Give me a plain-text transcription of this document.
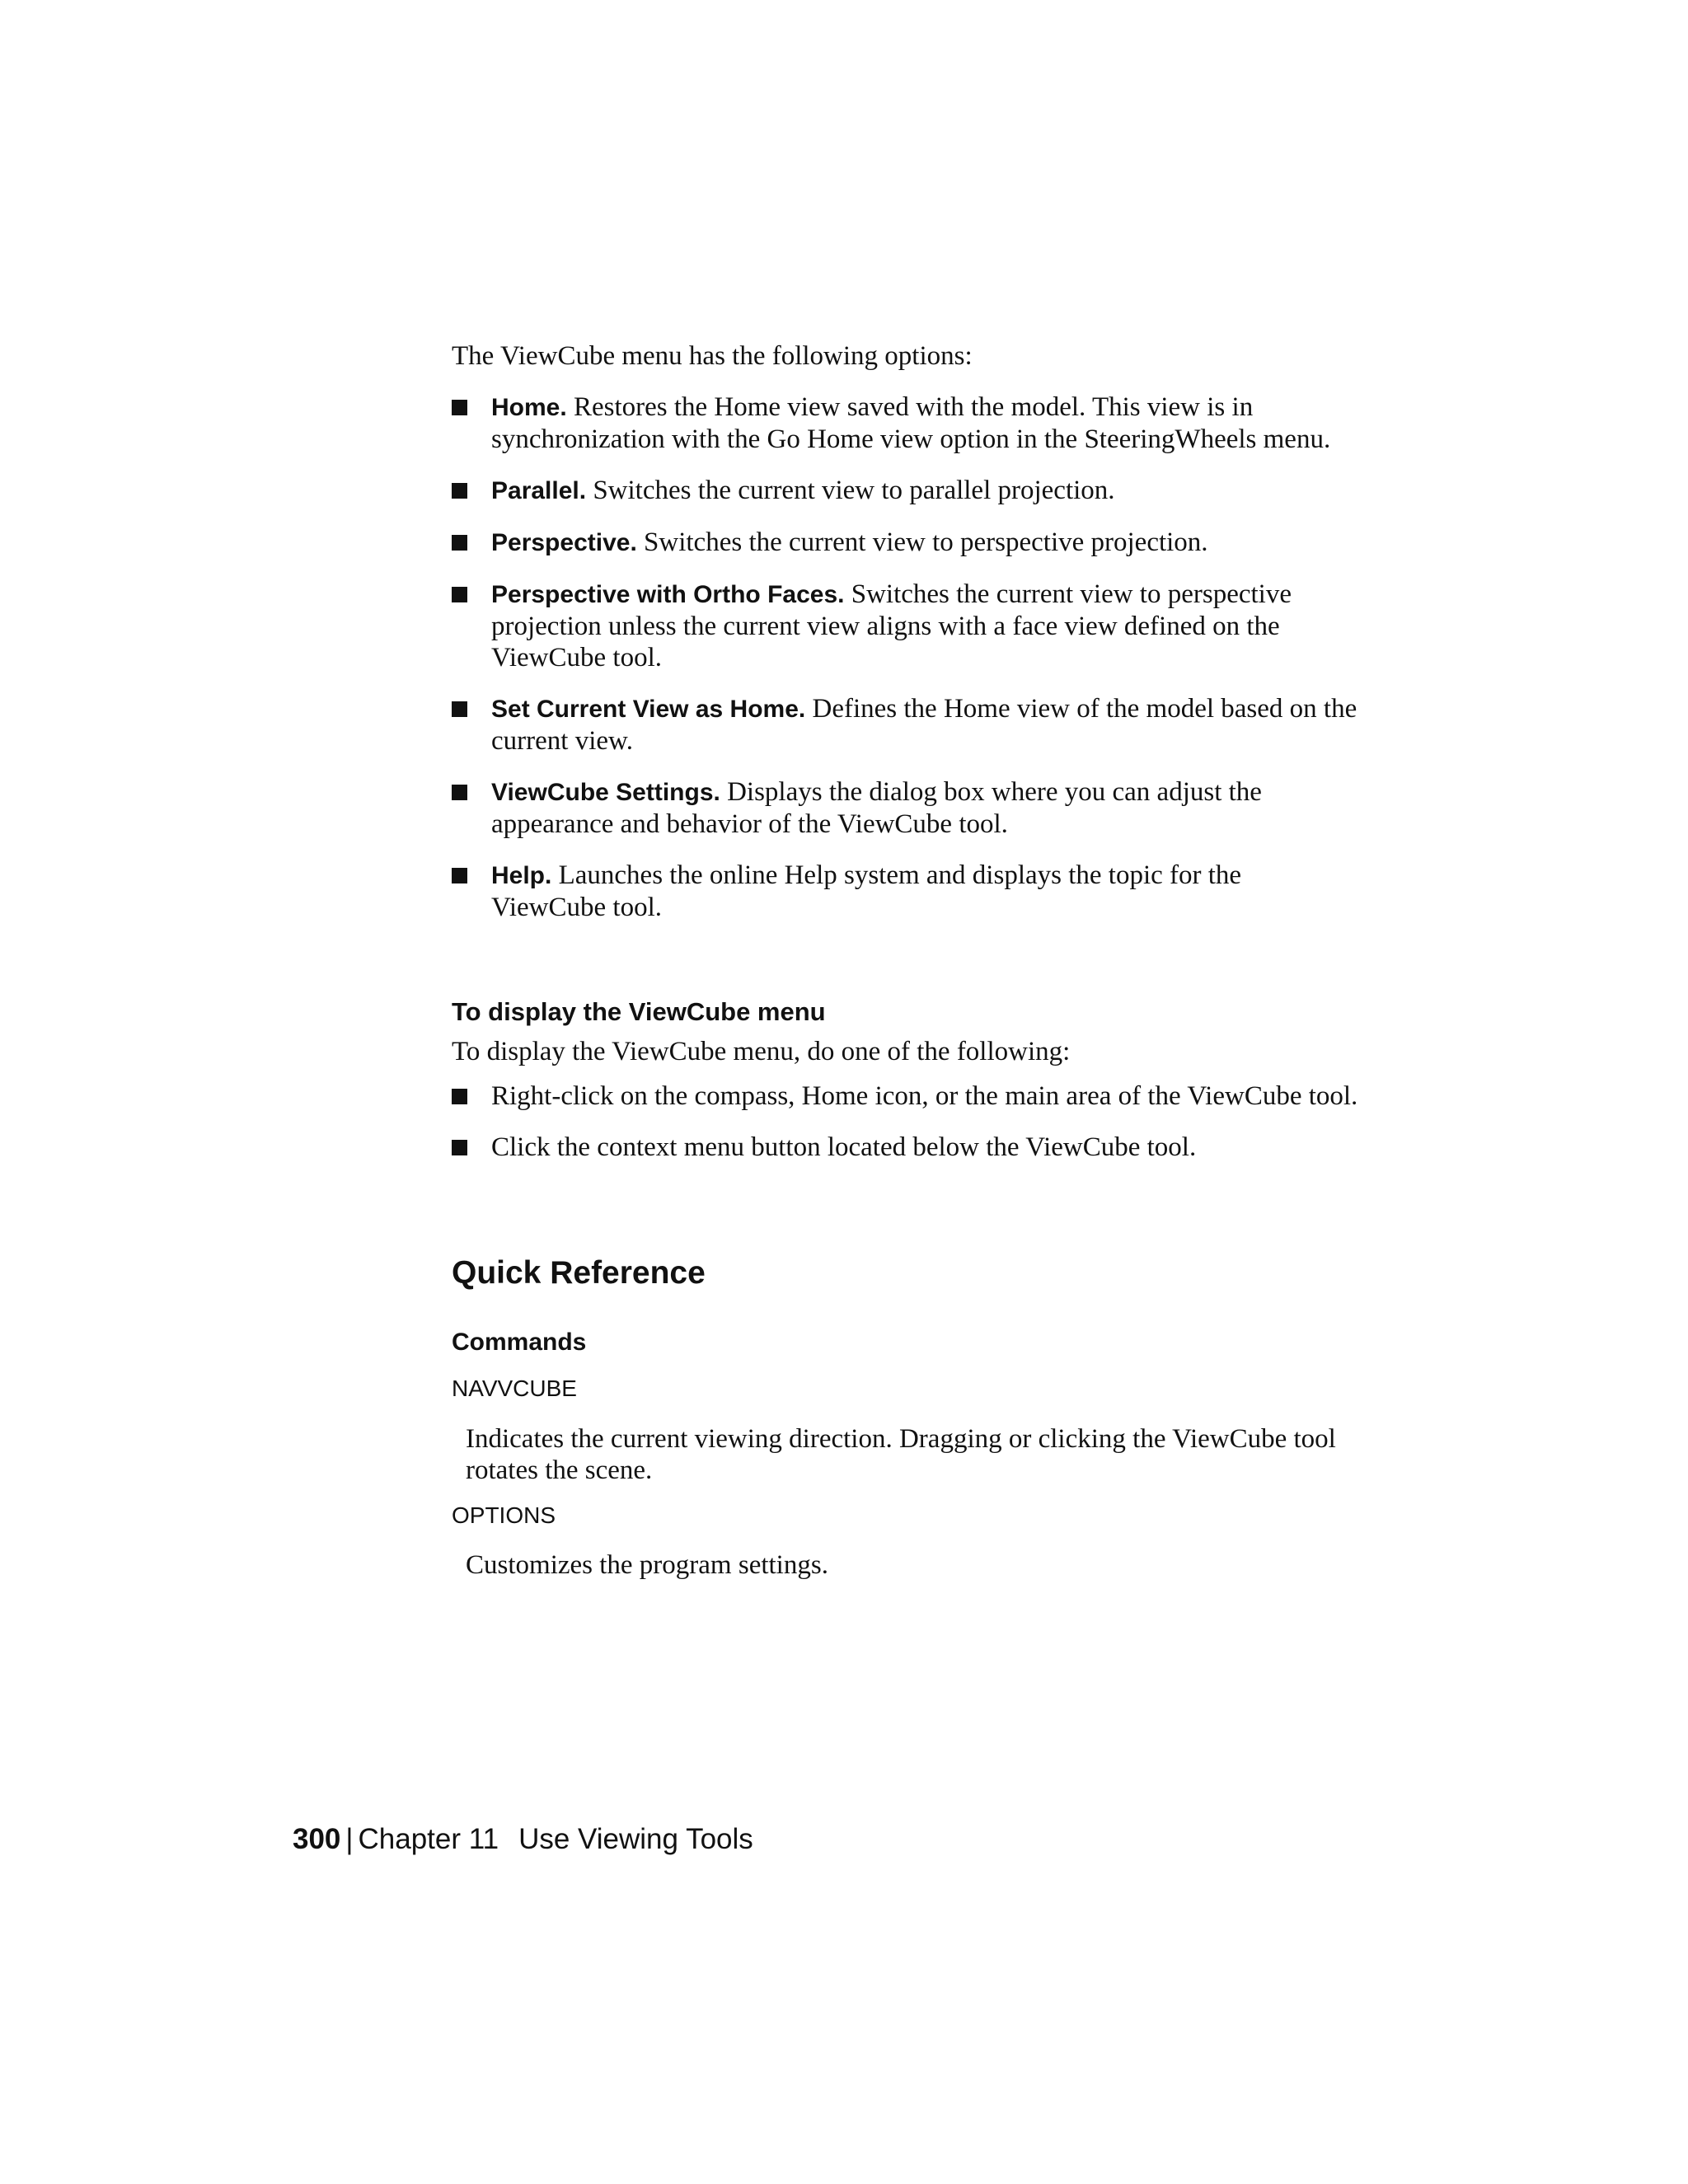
The ViewCube menu has the following options:

Home. Restores the Home view saved with the model. This view is in synchronization with the Go Home view option in the SteeringWheels menu.
Parallel. Switches the current view to parallel projection.
Perspective. Switches the current view to perspective projection.
Perspective with Ortho Faces. Switches the current view to perspective projection unless the current view aligns with a face view defined on the ViewCube tool.
Set Current View as Home. Defines the Home view of the model based on the current view.
ViewCube Settings. Displays the dialog box where you can adjust the appearance and behavior of the ViewCube tool.
Help. Launches the online Help system and displays the topic for the ViewCube tool.
To display the ViewCube menu

To display the ViewCube menu, do one of the following:

Right-click on the compass, Home icon, or the main area of the ViewCube tool.
Click the context menu button located below the ViewCube tool.
Quick Reference
Commands
NAVVCUBE

Indicates the current viewing direction. Dragging or clicking the ViewCube tool rotates the scene.

OPTIONS

Customizes the program settings.

300 | Chapter 11 Use Viewing Tools
